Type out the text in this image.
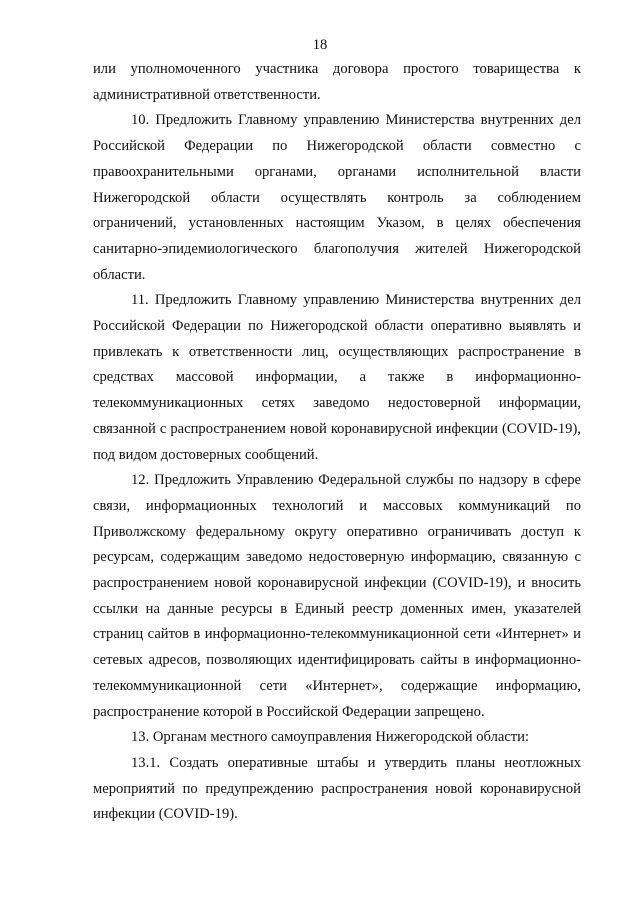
18

или уполномоченного участника договора простого товарищества к административной ответственности.

10. Предложить Главному управлению Министерства внутренних дел Российской Федерации по Нижегородской области совместно с правоохранительными органами, органами исполнительной власти Нижегородской области осуществлять контроль за соблюдением ограничений, установленных настоящим Указом, в целях обеспечения санитарно-эпидемиологического благополучия жителей Нижегородской области.

11. Предложить Главному управлению Министерства внутренних дел Российской Федерации по Нижегородской области оперативно выявлять и привлекать к ответственности лиц, осуществляющих распространение в средствах массовой информации, а также в информационно-телекоммуникационных сетях заведомо недостоверной информации, связанной с распространением новой коронавирусной инфекции (COVID-19), под видом достоверных сообщений.

12. Предложить Управлению Федеральной службы по надзору в сфере связи, информационных технологий и массовых коммуникаций по Приволжскому федеральному округу оперативно ограничивать доступ к ресурсам, содержащим заведомо недостоверную информацию, связанную с распространением новой коронавирусной инфекции (COVID-19), и вносить ссылки на данные ресурсы в Единый реестр доменных имен, указателей страниц сайтов в информационно-телекоммуникационной сети «Интернет» и сетевых адресов, позволяющих идентифицировать сайты в информационно-телекоммуникационной сети «Интернет», содержащие информацию, распространение которой в Российской Федерации запрещено.

13. Органам местного самоуправления Нижегородской области:

13.1. Создать оперативные штабы и утвердить планы неотложных мероприятий по предупреждению распространения новой коронавирусной инфекции (COVID-19).
